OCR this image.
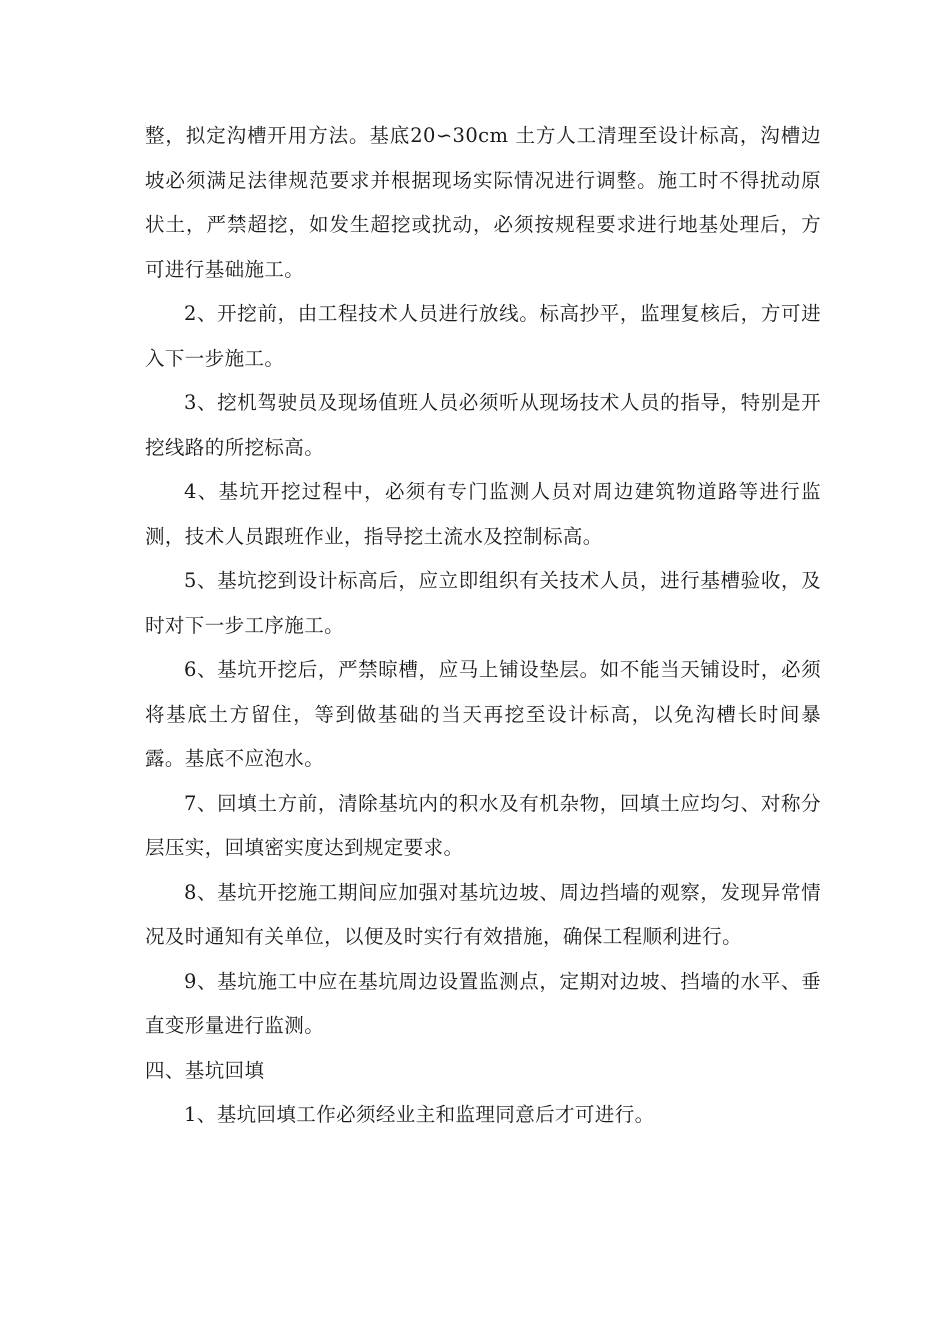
整，拟定沟槽开用方法。基底20∽30cm 土方人工清理至设计标高，沟槽边坡必须满足法律规范要求并根据现场实际情况进行调整。施工时不得扰动原状土，严禁超挖，如发生超挖或扰动，必须按规程要求进行地基处理后，方可进行基础施工。

2、开挖前，由工程技术人员进行放线。标高抄平，监理复核后，方可进入下一步施工。

3、挖机驾驶员及现场值班人员必须听从现场技术人员的指导，特别是开挖线路的所挖标高。

4、基坑开挖过程中，必须有专门监测人员对周边建筑物道路等进行监测，技术人员跟班作业，指导挖土流水及控制标高。

5、基坑挖到设计标高后，应立即组织有关技术人员，进行基槽验收，及时对下一步工序施工。

6、基坑开挖后，严禁晾槽，应马上铺设垫层。如不能当天铺设时，必须将基底土方留住，等到做基础的当天再挖至设计标高，以免沟槽长时间暴露。基底不应泡水。

7、回填土方前，清除基坑内的积水及有机杂物，回填土应均匀、对称分层压实，回填密实度达到规定要求。

8、基坑开挖施工期间应加强对基坑边坡、周边挡墙的观察，发现异常情况及时通知有关单位，以便及时实行有效措施，确保工程顺利进行。

9、基坑施工中应在基坑周边设置监测点，定期对边坡、挡墙的水平、垂直变形量进行监测。

四、基坑回填

1、基坑回填工作必须经业主和监理同意后才可进行。
